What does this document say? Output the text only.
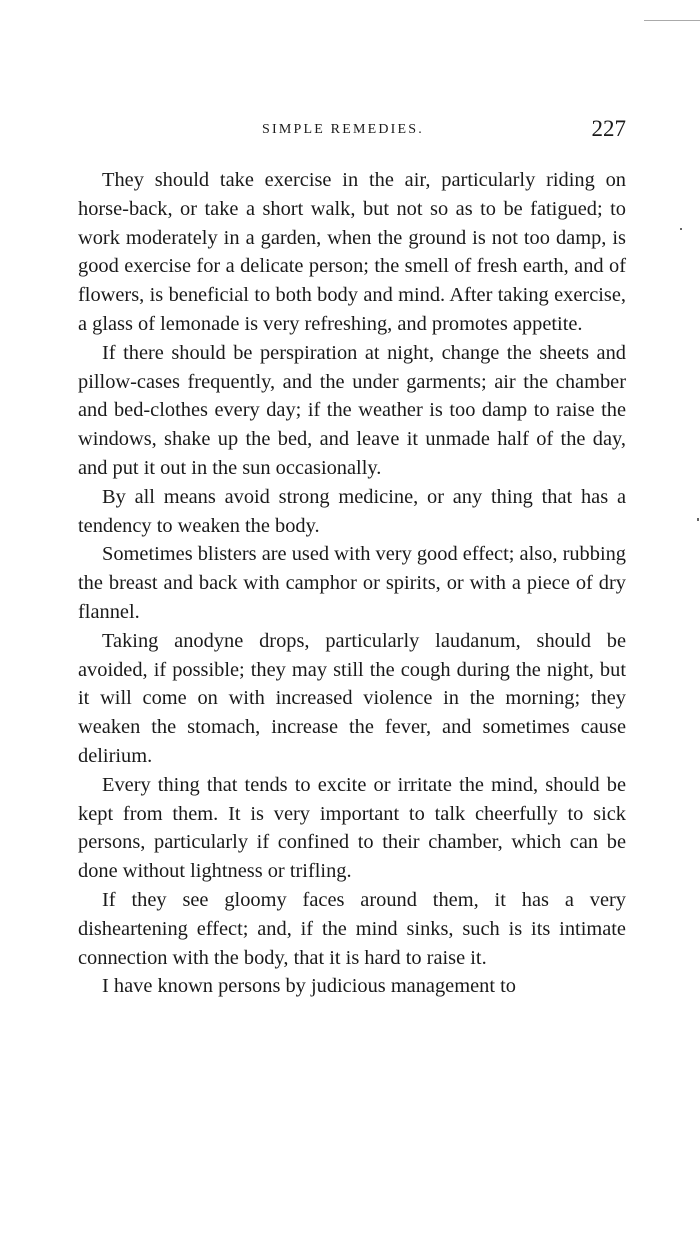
SIMPLE REMEDIES.	227

They should take exercise in the air, particularly riding on horse-back, or take a short walk, but not so as to be fatigued; to work moderately in a garden, when the ground is not too damp, is good exercise for a delicate person; the smell of fresh earth, and of flowers, is beneficial to both body and mind. After taking exercise, a glass of lemonade is very refreshing, and promotes appetite.

If there should be perspiration at night, change the sheets and pillow-cases frequently, and the under garments; air the chamber and bed-clothes every day; if the weather is too damp to raise the windows, shake up the bed, and leave it unmade half of the day, and put it out in the sun occasionally.

By all means avoid strong medicine, or any thing that has a tendency to weaken the body.

Sometimes blisters are used with very good effect; also, rubbing the breast and back with camphor or spirits, or with a piece of dry flannel.

Taking anodyne drops, particularly laudanum, should be avoided, if possible; they may still the cough during the night, but it will come on with increased violence in the morning; they weaken the stomach, increase the fever, and sometimes cause delirium.

Every thing that tends to excite or irritate the mind, should be kept from them. It is very important to talk cheerfully to sick persons, particularly if confined to their chamber, which can be done without lightness or trifling.

If they see gloomy faces around them, it has a very disheartening effect; and, if the mind sinks, such is its intimate connection with the body, that it is hard to raise it.

I have known persons by judicious management to
